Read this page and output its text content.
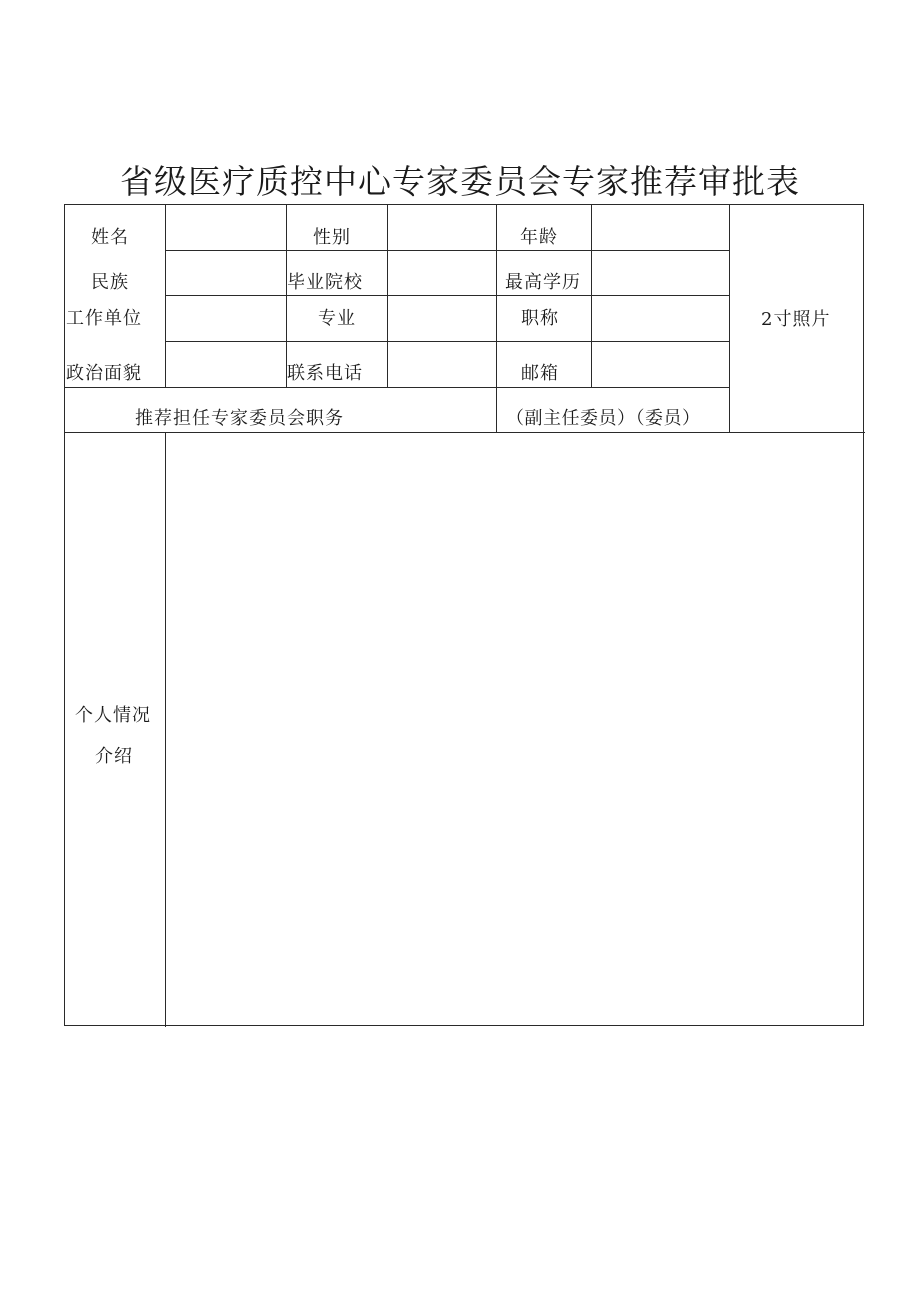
省级医疗质控中心专家委员会专家推荐审批表
姓名	性别	年龄
民族	毕业院校	最高学历
工作单位	专业	职称
政治面貌	联系电话	邮箱
2寸照片
推荐担任专家委员会职务	（副主任委员）（委员）
个人情况
介绍
